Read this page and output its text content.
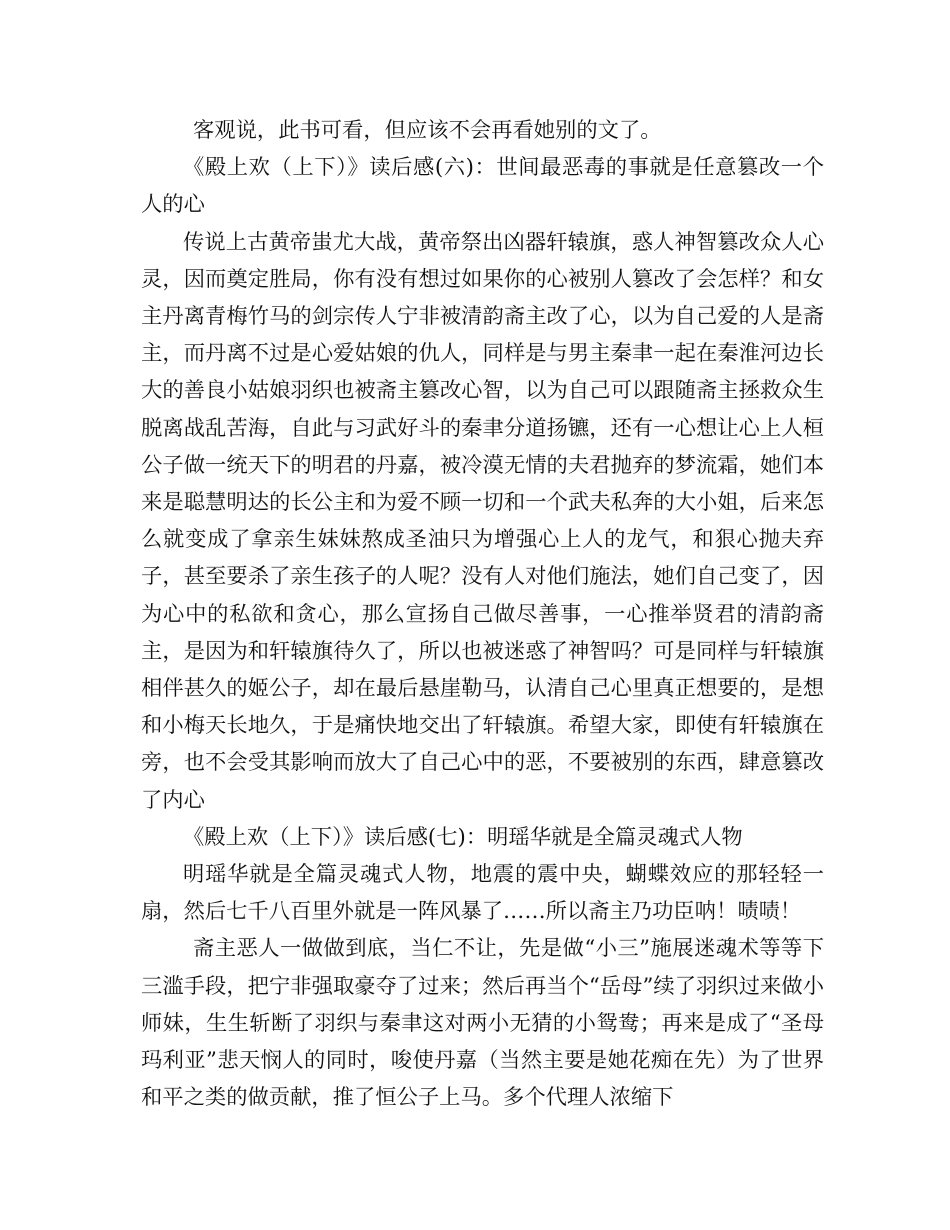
客观说，此书可看，但应该不会再看她别的文了。

《殿上欢（上下）》读后感(六)：世间最恶毒的事就是任意篡改一个人的心

传说上古黄帝蚩尤大战，黄帝祭出凶器轩辕旗，惑人神智篡改众人心灵，因而奠定胜局，你有没有想过如果你的心被别人篡改了会怎样？和女主丹离青梅竹马的剑宗传人宁非被清韵斋主改了心，以为自己爱的人是斋主，而丹离不过是心爱姑娘的仇人，同样是与男主秦聿一起在秦淮河边长大的善良小姑娘羽织也被斋主篡改心智，以为自己可以跟随斋主拯救众生脱离战乱苦海，自此与习武好斗的秦聿分道扬镳，还有一心想让心上人桓公子做一统天下的明君的丹嘉，被冷漠无情的夫君抛弃的梦流霜，她们本来是聪慧明达的长公主和为爱不顾一切和一个武夫私奔的大小姐，后来怎么就变成了拿亲生妹妹熬成圣油只为增强心上人的龙气，和狠心抛夫弃子，甚至要杀了亲生孩子的人呢？没有人对他们施法，她们自己变了，因为心中的私欲和贪心，那么宣扬自己做尽善事，一心推举贤君的清韵斋主，是因为和轩辕旗待久了，所以也被迷惑了神智吗？可是同样与轩辕旗相伴甚久的姬公子，却在最后悬崖勒马，认清自己心里真正想要的，是想和小梅天长地久，于是痛快地交出了轩辕旗。希望大家，即使有轩辕旗在旁，也不会受其影响而放大了自己心中的恶，不要被别的东西，肆意篡改了内心

《殿上欢（上下）》读后感(七)：明瑶华就是全篇灵魂式人物

明瑶华就是全篇灵魂式人物，地震的震中央，蝴蝶效应的那轻轻一扇，然后七千八百里外就是一阵风暴了……所以斋主乃功臣呐！啧啧！

斋主恶人一做做到底，当仁不让，先是做“小三”施展迷魂术等等下三滥手段，把宁非强取豪夺了过来；然后再当个“岳母”续了羽织过来做小师妹，生生斩断了羽织与秦聿这对两小无猜的小鸳鸯；再来是成了“圣母玛利亚”悲天悯人的同时，唆使丹嘉（当然主要是她花痴在先）为了世界和平之类的做贡献，推了恒公子上马。多个代理人浓缩下
